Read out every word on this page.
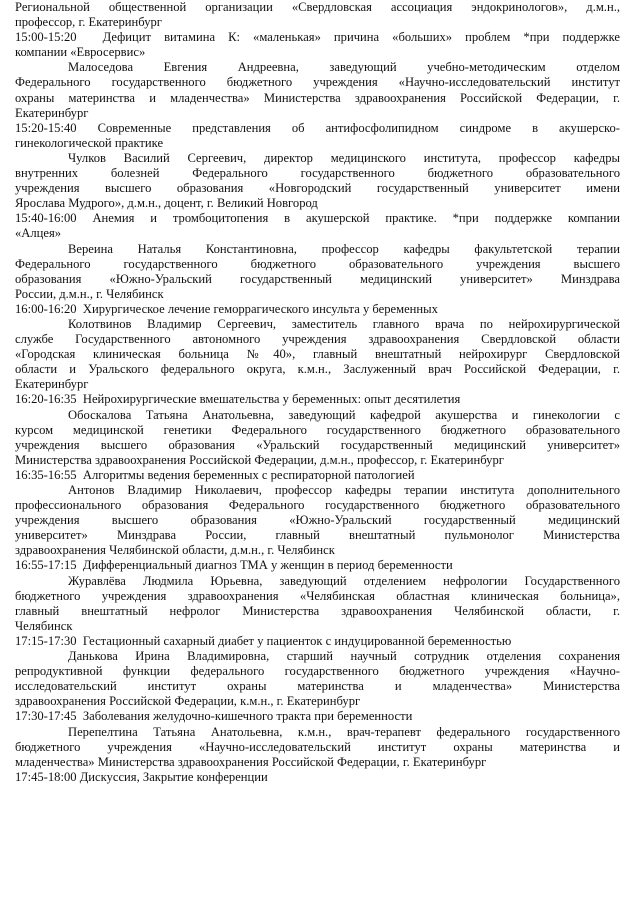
Региональной общественной организации «Свердловская ассоциация эндокринологов», д.м.н.,
профессор, г. Екатеринбург
15:00-15:20  Дефицит витамина К: «маленькая» причина «больших» проблем *при поддержке
компании «Евросервис»
Малоседова   Евгения   Андреевна,   заведующий   учебно-методическим   отделом
Федерального государственного бюджетного учреждения «Научно-исследовательский институт
охраны материнства и младенчества» Министерства здравоохранения Российской Федерации, г.
Екатеринбург
15:20-15:40 Современные представления об антифосфолипидном синдроме в акушерско-
гинекологической практике
Чулков Василий Сергеевич, директор медицинского института, профессор кафедры
внутренних болезней Федерального государственного бюджетного образовательного
учреждения высшего образования «Новгородский государственный университет имени
Ярослава Мудрого», д.м.н., доцент, г. Великий Новгород
15:40-16:00 Анемия и тромбоцитопения в акушерской практике. *при поддержке компании
«Алцея»
Вереина Наталья Константиновна, профессор кафедры факультетской терапии
Федерального государственного бюджетного образовательного учреждения высшего
образования «Южно-Уральский государственный медицинский университет» Минздрава
России, д.м.н., г. Челябинск
16:00-16:20  Хирургическое лечение геморрагического инсульта у беременных
Колотвинов Владимир Сергеевич, заместитель главного врача по нейрохирургической
службе Государственного автономного учреждения здравоохранения Свердловской области
«Городская клиническая больница №40», главный внештатный нейрохирург Свердловской
области и Уральского федерального округа, к.м.н., Заслуженный врач Российской Федерации, г.
Екатеринбург
16:20-16:35  Нейрохирургические вмешательства у беременных: опыт десятилетия
Обоскалова Татьяна Анатольевна, заведующий кафедрой акушерства и гинекологии с
курсом медицинской генетики Федерального государственного бюджетного образовательного
учреждения высшего образования «Уральский государственный медицинский университет»
Министерства здравоохранения Российской Федерации, д.м.н., профессор, г. Екатеринбург
16:35-16:55  Алгоритмы ведения беременных с респираторной патологией
Антонов Владимир Николаевич, профессор кафедры терапии института дополнительного
профессионального образования Федерального государственного бюджетного образовательного
учреждения   высшего   образования   «Южно-Уральский   государственный   медицинский
университет»   Минздрава   России,   главный   внештатный   пульмонолог   Министерства
здравоохранения Челябинской области, д.м.н., г. Челябинск
16:55-17:15  Дифференциальный диагноз ТМА у женщин в период беременности
Журавлёва Людмила Юрьевна, заведующий отделением нефрологии Государственного
бюджетного учреждения здравоохранения «Челябинская областная клиническая больница»,
главный   внештатный   нефролог   Министерства   здравоохранения   Челябинской   области,   г.
Челябинск
17:15-17:30  Гестационный сахарный диабет у пациенток с индуцированной беременностью
Данькова Ирина Владимировна, старший научный сотрудник отделения сохранения
репродуктивной функции федерального государственного бюджетного учреждения «Научно-
исследовательский   институт   охраны   материнства   и   младенчества»   Министерства
здравоохранения Российской Федерации, к.м.н., г. Екатеринбург
17:30-17:45  Заболевания желудочно-кишечного тракта при беременности
Перепелтина Татьяна Анатольевна, к.м.н., врач-терапевт федерального государственного
бюджетного   учреждения   «Научно-исследовательский   институт   охраны   материнства   и
младенчества» Министерства здравоохранения Российской Федерации, г. Екатеринбург
17:45-18:00 Дискуссия, Закрытие конференции
